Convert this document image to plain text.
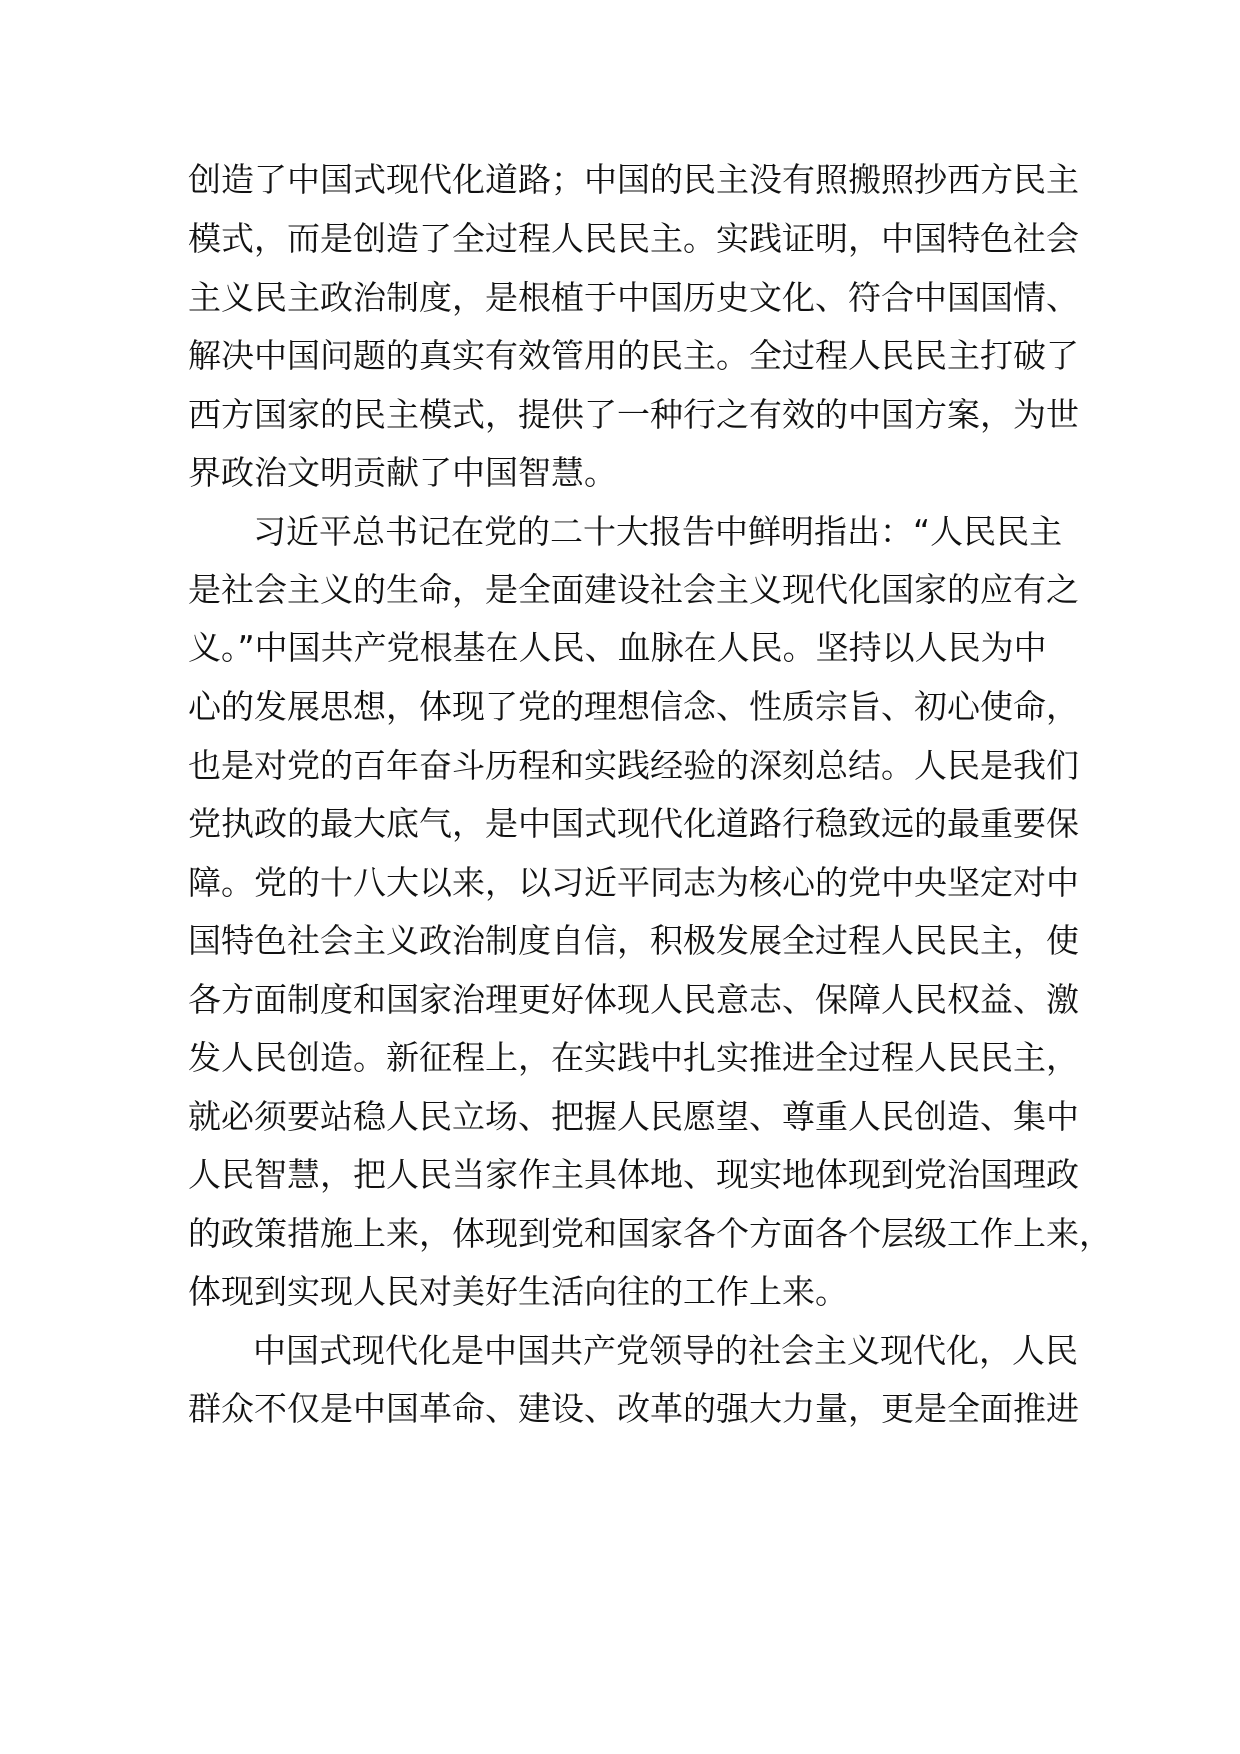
创造了中国式现代化道路；中国的民主没有照搬照抄西方民主
模式，而是创造了全过程人民民主。实践证明，中国特色社会
主义民主政治制度，是根植于中国历史文化、符合中国国情、
解决中国问题的真实有效管用的民主。全过程人民民主打破了
西方国家的民主模式，提供了一种行之有效的中国方案，为世
界政治文明贡献了中国智慧。
习近平总书记在党的二十大报告中鲜明指出：“人民民主
是社会主义的生命，是全面建设社会主义现代化国家的应有之
义。”中国共产党根基在人民、血脉在人民。坚持以人民为中
心的发展思想，体现了党的理想信念、性质宗旨、初心使命，
也是对党的百年奋斗历程和实践经验的深刻总结。人民是我们
党执政的最大底气，是中国式现代化道路行稳致远的最重要保
障。党的十八大以来，以习近平同志为核心的党中央坚定对中
国特色社会主义政治制度自信，积极发展全过程人民民主，使
各方面制度和国家治理更好体现人民意志、保障人民权益、激
发人民创造。新征程上，在实践中扎实推进全过程人民民主，
就必须要站稳人民立场、把握人民愿望、尊重人民创造、集中
人民智慧，把人民当家作主具体地、现实地体现到党治国理政
的政策措施上来，体现到党和国家各个方面各个层级工作上来，
体现到实现人民对美好生活向往的工作上来。
中国式现代化是中国共产党领导的社会主义现代化，人民
群众不仅是中国革命、建设、改革的强大力量，更是全面推进
